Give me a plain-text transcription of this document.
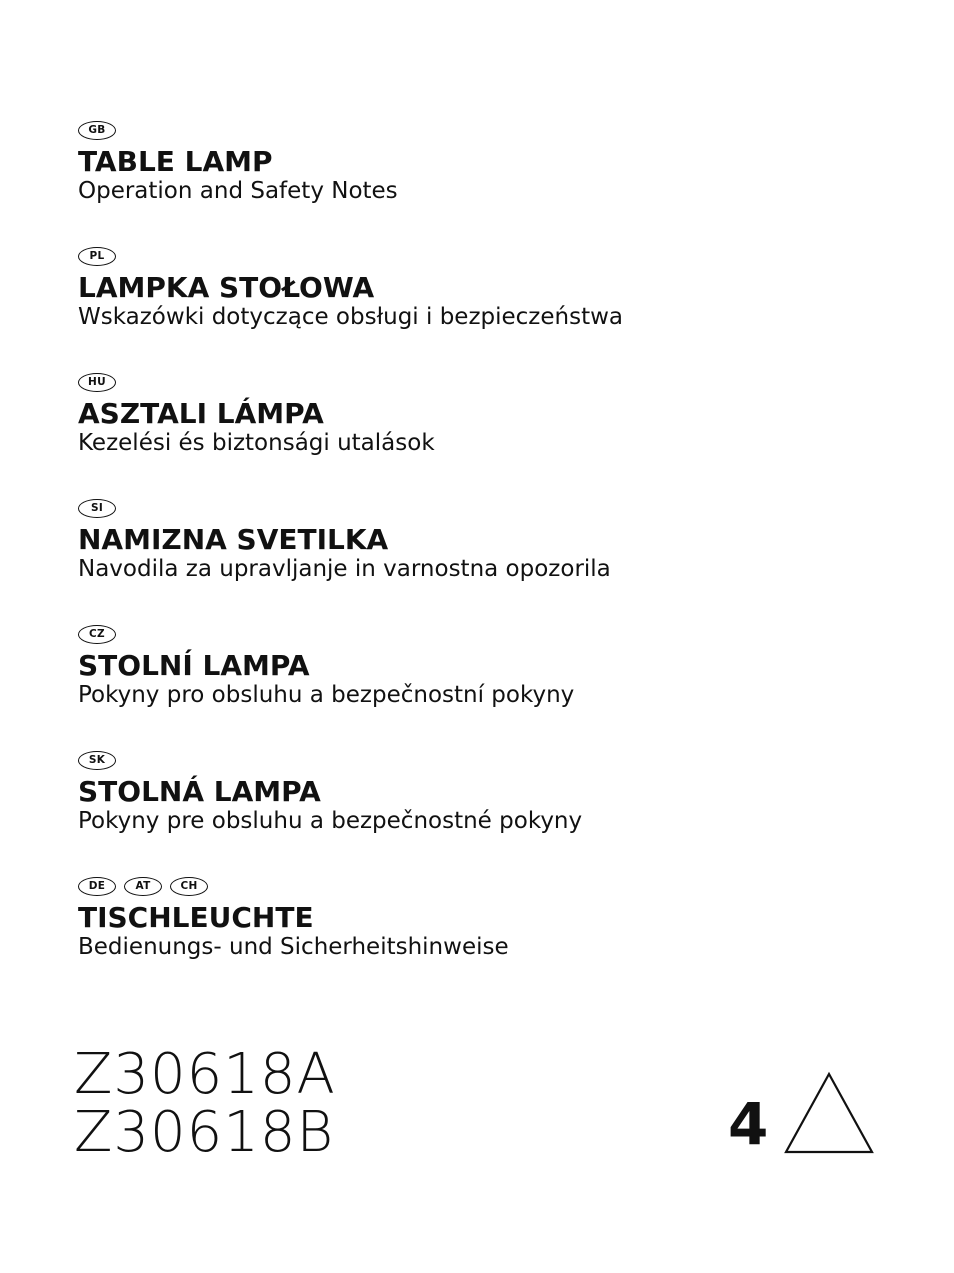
GB
TABLE LAMP
Operation and Safety Notes
PL
LAMPKA STOŁOWA
Wskazówki dotyczące obsługi i bezpieczeństwa
HU
ASZTALI LÁMPA
Kezelési és biztonsági utalások
SI
NAMIZNA SVETILKA
Navodila za upravljanje in varnostna opozorila
CZ
STOLNÍ LAMPA
Pokyny pro obsluhu a bezpečnostní pokyny
SK
STOLNÁ LAMPA
Pokyny pre obsluhu a bezpečnostné pokyny
DE	AT	CH
TISCHLEUCHTE
Bedienungs- und Sicherheitshinweise
Z30618A
Z30618B	4
